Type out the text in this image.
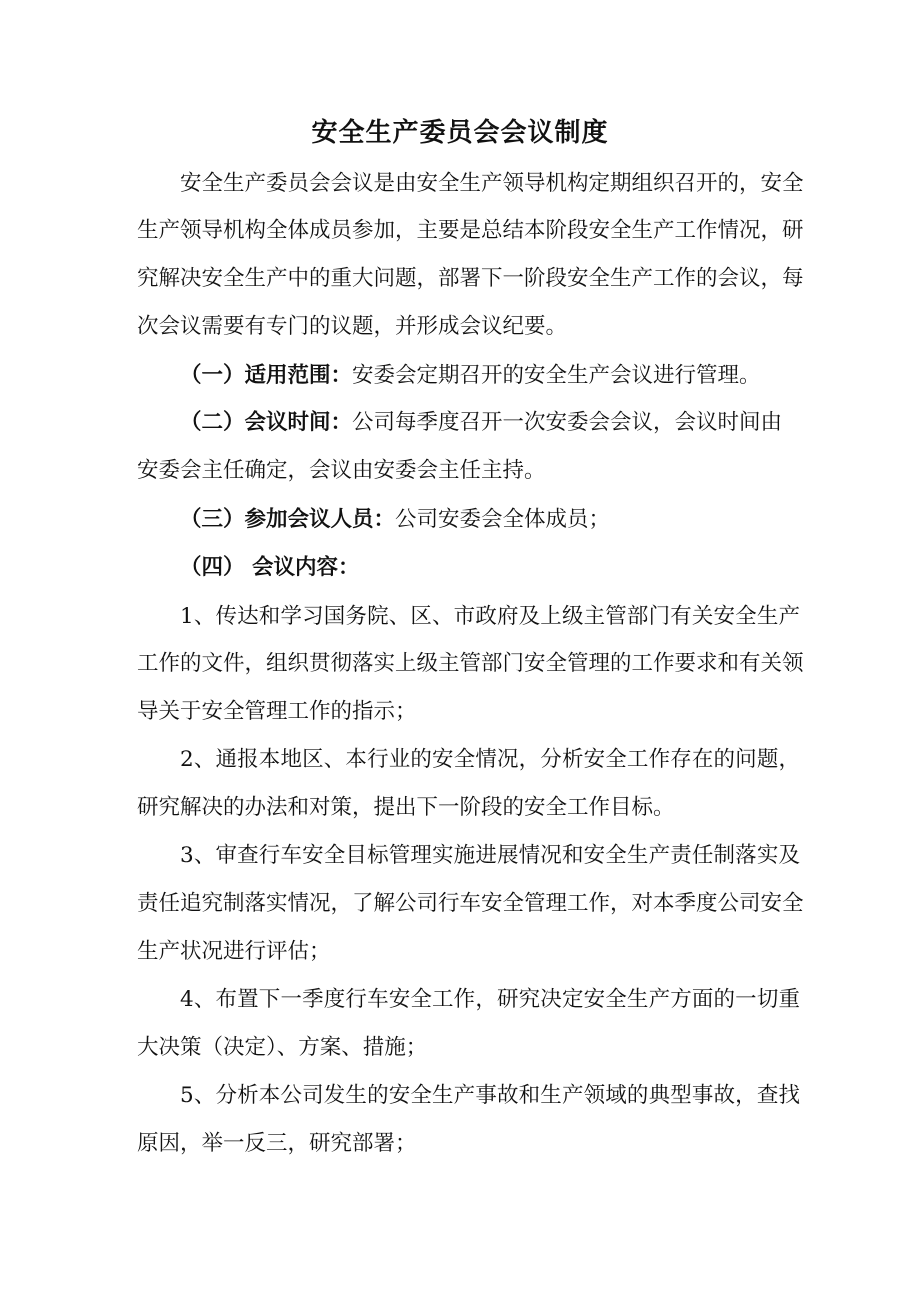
安全生产委员会会议制度
安全生产委员会会议是由安全生产领导机构定期组织召开的，安全
生产领导机构全体成员参加，主要是总结本阶段安全生产工作情况，研
究解决安全生产中的重大问题，部署下一阶段安全生产工作的会议，每
次会议需要有专门的议题，并形成会议纪要。
（一）适用范围：安委会定期召开的安全生产会议进行管理。
（二）会议时间：公司每季度召开一次安委会会议，会议时间由
安委会主任确定，会议由安委会主任主持。
（三）参加会议人员：公司安委会全体成员；
（四） 会议内容：
1、传达和学习国务院、区、市政府及上级主管部门有关安全生产
工作的文件，组织贯彻落实上级主管部门安全管理的工作要求和有关领
导关于安全管理工作的指示；
2、通报本地区、本行业的安全情况，分析安全工作存在的问题，
研究解决的办法和对策，提出下一阶段的安全工作目标。
3、审查行车安全目标管理实施进展情况和安全生产责任制落实及
责任追究制落实情况，了解公司行车安全管理工作，对本季度公司安全
生产状况进行评估；
4、布置下一季度行车安全工作，研究决定安全生产方面的一切重
大决策（决定）、方案、措施；
5、分析本公司发生的安全生产事故和生产领域的典型事故，查找
原因，举一反三，研究部署；
